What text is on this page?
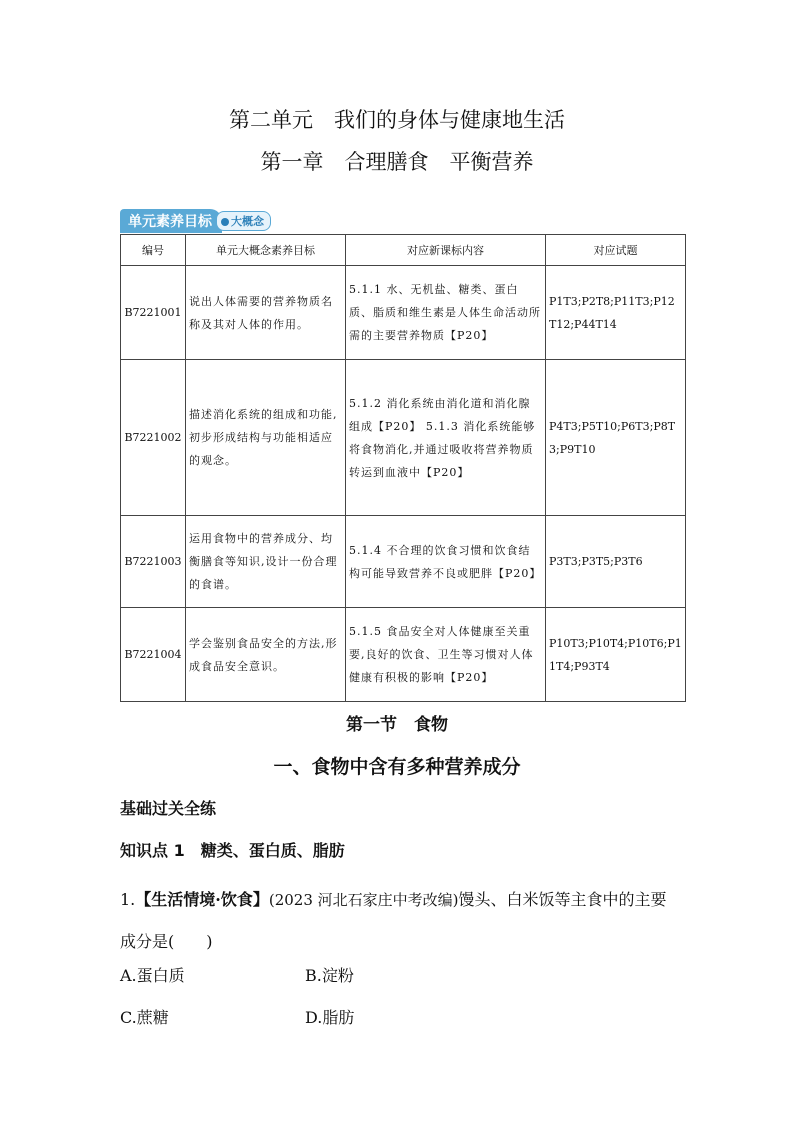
第二单元　我们的身体与健康地生活
第一章　合理膳食　平衡营养
单元素养目标	大概念
编号	单元大概念素养目标	对应新课标内容	对应试题
B7221001	说出人体需要的营养物质名称及其对人体的作用。	5.1.1 水、无机盐、糖类、蛋白质、脂质和维生素是人体生命活动所需的主要营养物质【P20】	P1T3;P2T8;P11T3;P12T12;P44T14
B7221002	描述消化系统的组成和功能,初步形成结构与功能相适应的观念。	5.1.2 消化系统由消化道和消化腺组成【P20】 5.1.3 消化系统能够将食物消化,并通过吸收将营养物质转运到血液中【P20】	P4T3;P5T10;P6T3;P8T3;P9T10
B7221003	运用食物中的营养成分、均衡膳食等知识,设计一份合理的食谱。	5.1.4 不合理的饮食习惯和饮食结构可能导致营养不良或肥胖【P20】	P3T3;P3T5;P3T6
B7221004	学会鉴别食品安全的方法,形成食品安全意识。	5.1.5 食品安全对人体健康至关重要,良好的饮食、卫生等习惯对人体健康有积极的影响【P20】	P10T3;P10T4;P10T6;P11T4;P93T4
第一节　食物
一、食物中含有多种营养成分
基础过关全练
知识点 1　糖类、蛋白质、脂肪
1.【生活情境·饮食】(2023 河北石家庄中考改编)馒头、白米饭等主食中的主要成分是(　　)
A.蛋白质	B.淀粉
C.蔗糖	D.脂肪
